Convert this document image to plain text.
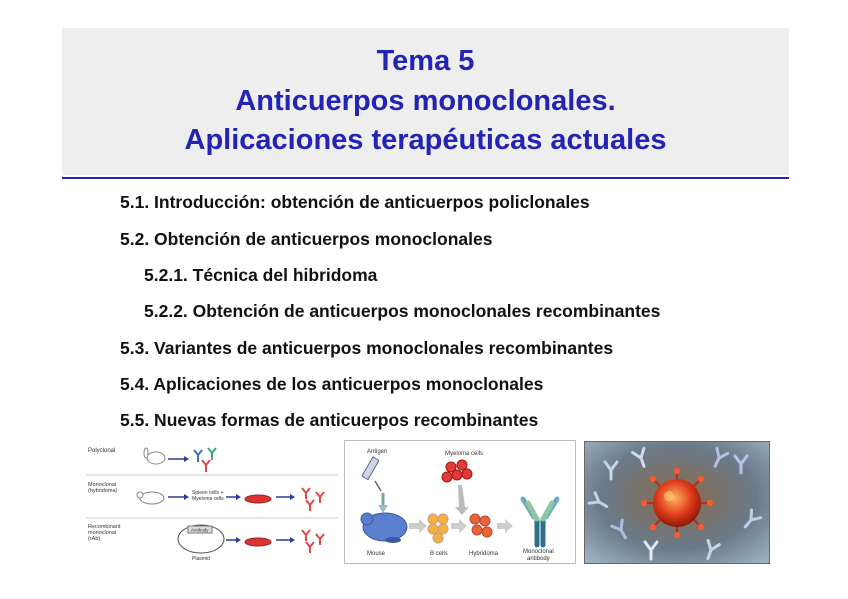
Tema 5
Anticuerpos monoclonales.
Aplicaciones terapéuticas actuales
5.1. Introducción: obtención de anticuerpos policlonales
5.2. Obtención de anticuerpos monoclonales
5.2.1. Técnica del hibridoma
5.2.2. Obtención de anticuerpos monoclonales recombinantes
5.3. Variantes de anticuerpos monoclonales recombinantes
5.4. Aplicaciones de los anticuerpos monoclonales
5.5. Nuevas formas de anticuerpos recombinantes
Polyclonal
Monoclonal
(hybridoma)	Spleen cells +
Myeloma cells
Recombinant
monoclonal
(rAb)
Antibody
Plasmid
Antigen	Myeloma cells
Mouse	B cells	Hybridoma	Monoclonal
antibody
